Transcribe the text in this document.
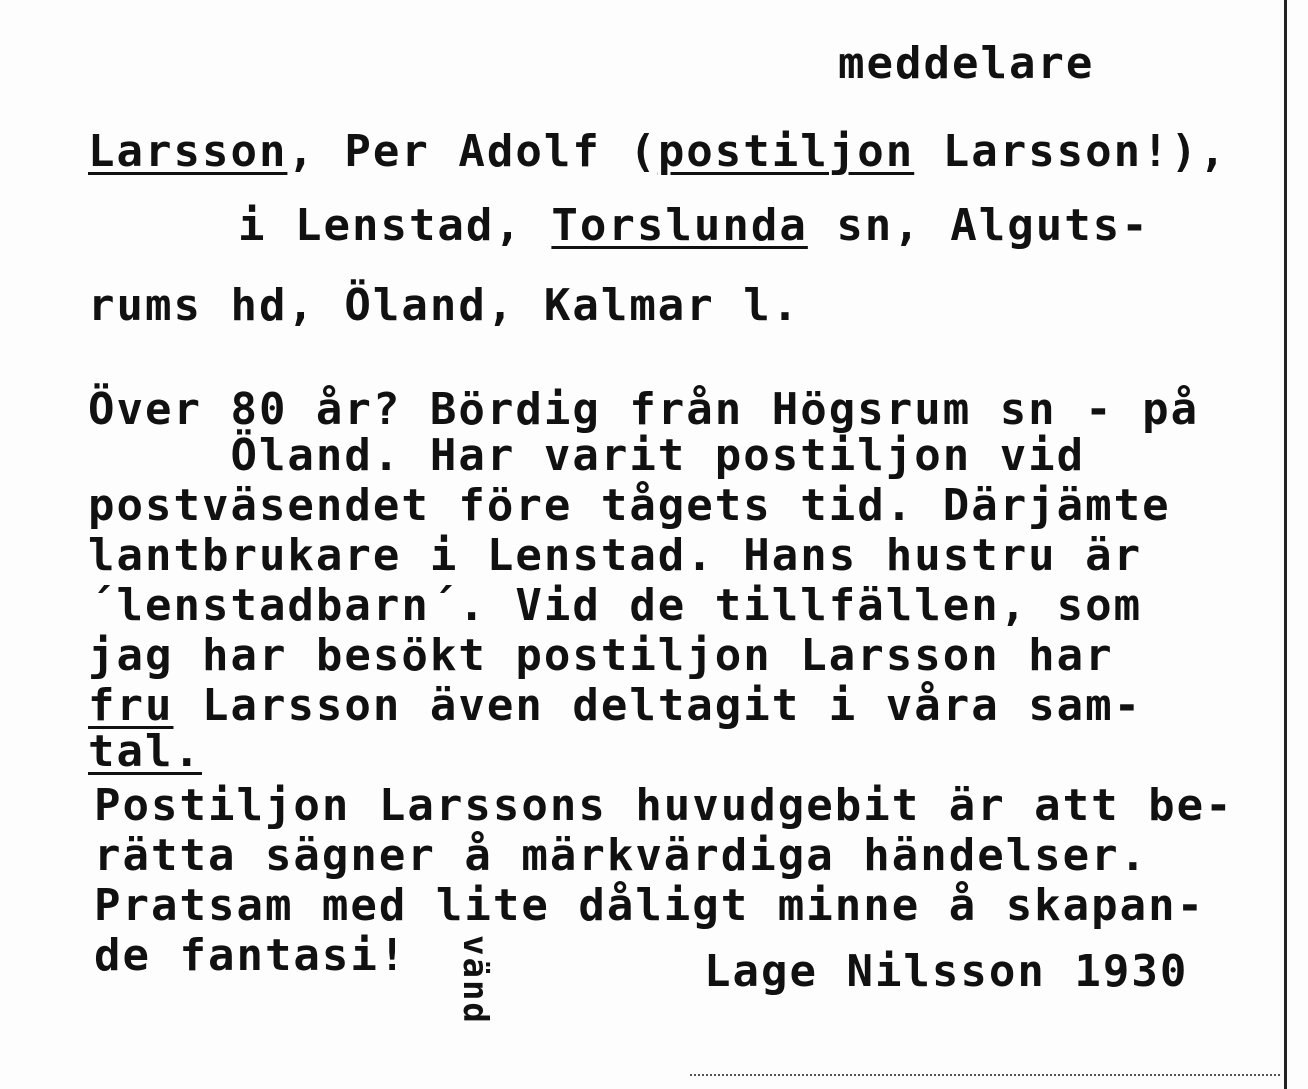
meddelare
Larsson, Per Adolf (postiljon Larsson!),
i Lenstad, Torslunda sn, Alguts-
rums hd, Öland, Kalmar l.
Över 80 år? Bördig från Högsrum sn - på
Öland. Har varit postiljon vid
postväsendet före tågets tid. Därjämte
lantbrukare i Lenstad. Hans hustru är
´lenstadbarn´. Vid de tillfällen, som
jag har besökt postiljon Larsson har
fru Larsson även deltagit i våra sam-
tal.
Postiljon Larssons huvudgebit är att be-
rätta sägner å märkvärdiga händelser.
Pratsam med lite dåligt minne å skapan-
de fantasi!	Lage Nilsson 1930
vänd
